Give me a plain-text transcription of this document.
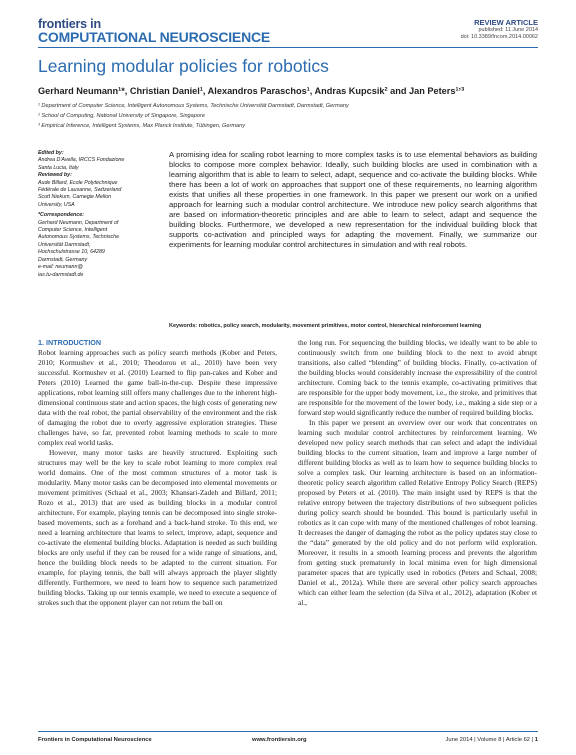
frontiers in
COMPUTATIONAL NEUROSCIENCE
REVIEW ARTICLE
published: 11 June 2014
doi: 10.3389/fncom.2014.00062
Learning modular policies for robotics
Gerhard Neumann¹*, Christian Daniel¹, Alexandros Paraschos¹, Andras Kupcsik² and Jan Peters¹ʼ³
¹ Department of Computer Science, Intelligent Autonomous Systems, Technische Universität Darmstadt, Darmstadt, Germany
² School of Computing, National University of Singapore, Singapore
³ Empirical Inference, Intelligent Systems, Max Planck Institute, Tübingen, Germany
Edited by:
Andrea D'Avella, IRCCS Fondazione
Santa Lucia, Italy
Reviewed by:
Aude Billard, Ecole Polytechnique
Fédérale de Lausanne, Switzerland
Scott Niekum, Carnegie Mellon
University, USA
*Correspondence:
Gerhard Neumann, Department of
Computer Science, Intelligent
Autonomous Systems, Technische
Universität Darmstadt,
Hochschulstrasse 10, 64289
Darmstadt, Germany
e-mail: neumann@
ias.tu-darmstadt.de
A promising idea for scaling robot learning to more complex tasks is to use elemental behaviors as building blocks to compose more complex behavior. Ideally, such building blocks are used in combination with a learning algorithm that is able to learn to select, adapt, sequence and co-activate the building blocks. While there has been a lot of work on approaches that support one of these requirements, no learning algorithm exists that unifies all these properties in one framework. In this paper we present our work on a unified approach for learning such a modular control architecture. We introduce new policy search algorithms that are based on information-theoretic principles and are able to learn to select, adapt and sequence the building blocks. Furthermore, we developed a new representation for the individual building block that supports co-activation and principled ways for adapting the movement. Finally, we summarize our experiments for learning modular control architectures in simulation and with real robots.
Keywords: robotics, policy search, modularity, movement primitives, motor control, hierarchical reinforcement learning

1. INTRODUCTION

Robot learning approaches such as policy search methods (Kober and Peters, 2010; Kormushev et al., 2010; Theodorou et al., 2010) have been very successful. Kormushev et al. (2010) Learned to flip pan-cakes and Kober and Peters (2010) Learned the game ball-in-the-cup. Despite these impressive applications, robot learning still offers many challenges due to the inherent high-dimensional continuous state and action spaces, the high costs of generating new data with the real robot, the partial observability of the environment and the risk of damaging the robot due to overly aggressive exploration strategies. These challenges have, so far, prevented robot learning methods to scale to more complex real world tasks.

However, many motor tasks are heavily structured. Exploiting such structures may well be the key to scale robot learning to more complex real world domains. One of the most common structures of a motor task is modularity. Many motor tasks can be decomposed into elemental movements or movement primitives (Schaal et al., 2003; Khansari-Zadeh and Billard, 2011; Rozo et al., 2013) that are used as building blocks in a modular control architecture. For example, playing tennis can be decomposed into single stroke-based movements, such as a forehand and a back-hand stroke. To this end, we need a learning architecture that learns to select, improve, adapt, sequence and co-activate the elemental building blocks. Adaptation is needed as such building blocks are only useful if they can be reused for a wide range of situations, and, hence the building block needs to be adapted to the current situation. For example, for playing tennis, the ball will always approach the player slightly differently. Furthermore, we need to learn how to sequence such parametrized building blocks. Taking up our tennis example, we need to execute a sequence of strokes such that the opponent player can not return the ball on

the long run. For sequencing the building blocks, we ideally want to be able to continuously switch from one building block to the next to avoid abrupt transitions, also called “blending” of building blocks. Finally, co-activation of the building blocks would considerably increase the expressibility of the control architecture. Coming back to the tennis example, co-activating primitives that are responsible for the upper body movement, i.e., the stroke, and primitives that are responsible for the movement of the lower body, i.e., making a side step or a forward step would significantly reduce the number of required building blocks.

In this paper we present an overview over our work that concentrates on learning such modular control architectures by reinforcement learning. We developed new policy search methods that can select and adapt the individual building blocks to the current situation, learn and improve a large number of different building blocks as well as to learn how to sequence building blocks to solve a complex task. Our learning architecture is based on an information-theoretic policy search algorithm called Relative Entropy Policy Search (REPS) proposed by Peters et al. (2010). The main insight used by REPS is that the relative entropy between the trajectory distributions of two subsequent policies during policy search should be bounded. This bound is particularly useful in robotics as it can cope with many of the mentioned challenges of robot learning. It decreases the danger of damaging the robot as the policy updates stay close to the “data” generated by the old policy and do not perform wild exploration. Moreover, it results in a smooth learning process and prevents the algorithm from getting stuck prematurely in local minima even for high dimensional parameter spaces that are typically used in robotics (Peters and Schaal, 2008; Daniel et al., 2012a). While there are several other policy search approaches which can either learn the selection (da Silva et al., 2012), adaptation (Kober et al.,

Frontiers in Computational Neuroscience	www.frontiersin.org	June 2014 | Volume 8 | Article 62 | 1
